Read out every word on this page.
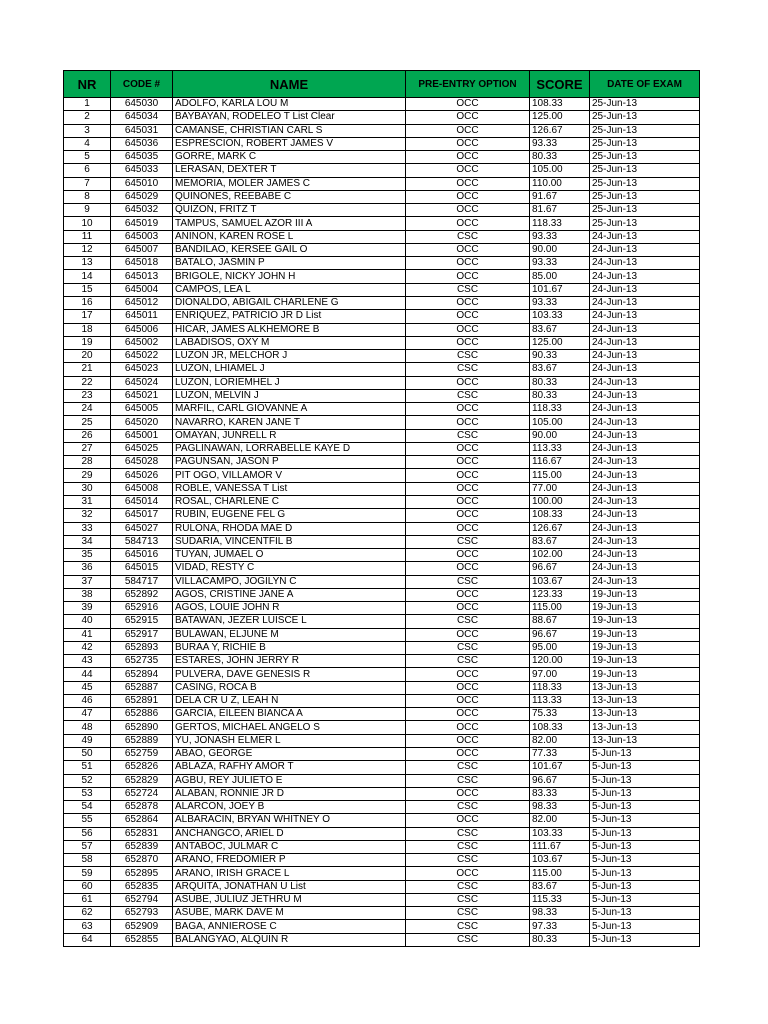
NR	CODE #	NAME	PRE-ENTRY OPTION	SCORE	DATE OF EXAM
1	645030	ADOLFO, KARLA LOU M	OCC	108.33	25-Jun-13
2	645034	BAYBAYAN, RODELEO T List Clear	OCC	125.00	25-Jun-13
3	645031	CAMANSE, CHRISTIAN CARL S	OCC	126.67	25-Jun-13
4	645036	ESPRESCION, ROBERT JAMES V	OCC	93.33	25-Jun-13
5	645035	GORRE, MARK C	OCC	80.33	25-Jun-13
6	645033	LERASAN, DEXTER T	OCC	105.00	25-Jun-13
7	645010	MEMORIA, MOLER JAMES C	OCC	110.00	25-Jun-13
8	645029	QUINONES, REEBABE C	OCC	91.67	25-Jun-13
9	645032	QUIZON, FRITZ T	OCC	81.67	25-Jun-13
10	645019	TAMPUS, SAMUEL AZOR III A	OCC	118.33	25-Jun-13
11	645003	ANINON, KAREN ROSE L	CSC	93.33	24-Jun-13
12	645007	BANDILAO, KERSEE GAIL O	OCC	90.00	24-Jun-13
13	645018	BATALO, JASMIN P	OCC	93.33	24-Jun-13
14	645013	BRIGOLE, NICKY JOHN H	OCC	85.00	24-Jun-13
15	645004	CAMPOS, LEA L	CSC	101.67	24-Jun-13
16	645012	DIONALDO, ABIGAIL CHARLENE G	OCC	93.33	24-Jun-13
17	645011	ENRIQUEZ, PATRICIO JR D List	OCC	103.33	24-Jun-13
18	645006	HICAR, JAMES ALKHEMORE B	OCC	83.67	24-Jun-13
19	645002	LABADISOS, OXY M	OCC	125.00	24-Jun-13
20	645022	LUZON JR, MELCHOR J	CSC	90.33	24-Jun-13
21	645023	LUZON, LHIAMEL J	CSC	83.67	24-Jun-13
22	645024	LUZON, LORIEMHEL J	OCC	80.33	24-Jun-13
23	645021	LUZON, MELVIN J	CSC	80.33	24-Jun-13
24	645005	MARFIL, CARL GIOVANNE A	OCC	118.33	24-Jun-13
25	645020	NAVARRO, KAREN JANE T	OCC	105.00	24-Jun-13
26	645001	OMAYAN, JUNRELL R	CSC	90.00	24-Jun-13
27	645025	PAGLINAWAN, LORRABELLE KAYE D	OCC	113.33	24-Jun-13
28	645028	PAGUNSAN, JASON P	OCC	116.67	24-Jun-13
29	645026	PIT OGO, VILLAMOR V	OCC	115.00	24-Jun-13
30	645008	ROBLE, VANESSA T List	OCC	77.00	24-Jun-13
31	645014	ROSAL, CHARLENE C	OCC	100.00	24-Jun-13
32	645017	RUBIN, EUGENE FEL G	OCC	108.33	24-Jun-13
33	645027	RULONA, RHODA MAE D	OCC	126.67	24-Jun-13
34	584713	SUDARIA, VINCENTFIL B	CSC	83.67	24-Jun-13
35	645016	TUYAN, JUMAEL O	OCC	102.00	24-Jun-13
36	645015	VIDAD, RESTY C	OCC	96.67	24-Jun-13
37	584717	VILLACAMPO, JOGILYN C	CSC	103.67	24-Jun-13
38	652892	AGOS, CRISTINE JANE A	OCC	123.33	19-Jun-13
39	652916	AGOS, LOUIE JOHN R	OCC	115.00	19-Jun-13
40	652915	BATAWAN, JEZER LUISCE L	CSC	88.67	19-Jun-13
41	652917	BULAWAN, ELJUNE M	OCC	96.67	19-Jun-13
42	652893	BURAA Y, RICHIE B	CSC	95.00	19-Jun-13
43	652735	ESTARES, JOHN JERRY R	CSC	120.00	19-Jun-13
44	652894	PULVERA, DAVE GENESIS R	OCC	97.00	19-Jun-13
45	652887	CASING, ROCA B	OCC	118.33	13-Jun-13
46	652891	DELA CR U Z, LEAH N	OCC	113.33	13-Jun-13
47	652886	GARCIA, EILEEN BIANCA A	OCC	75.33	13-Jun-13
48	652890	GERTOS, MICHAEL ANGELO S	OCC	108.33	13-Jun-13
49	652889	YU, JONASH ELMER L	OCC	82.00	13-Jun-13
50	652759	ABAO, GEORGE	OCC	77.33	5-Jun-13
51	652826	ABLAZA, RAFHY AMOR T	CSC	101.67	5-Jun-13
52	652829	AGBU, REY JULIETO E	CSC	96.67	5-Jun-13
53	652724	ALABAN, RONNIE JR D	OCC	83.33	5-Jun-13
54	652878	ALARCON, JOEY B	CSC	98.33	5-Jun-13
55	652864	ALBARACIN, BRYAN WHITNEY O	OCC	82.00	5-Jun-13
56	652831	ANCHANGCO, ARIEL D	CSC	103.33	5-Jun-13
57	652839	ANTABOC, JULMAR C	CSC	111.67	5-Jun-13
58	652870	ARANO, FREDOMIER P	CSC	103.67	5-Jun-13
59	652895	ARANO, IRISH GRACE L	OCC	115.00	5-Jun-13
60	652835	ARQUITA, JONATHAN U List	CSC	83.67	5-Jun-13
61	652794	ASUBE, JULIUZ JETHRU M	CSC	115.33	5-Jun-13
62	652793	ASUBE, MARK DAVE M	CSC	98.33	5-Jun-13
63	652909	BAGA, ANNIEROSE C	CSC	97.33	5-Jun-13
64	652855	BALANGYAO, ALQUIN R	CSC	80.33	5-Jun-13
